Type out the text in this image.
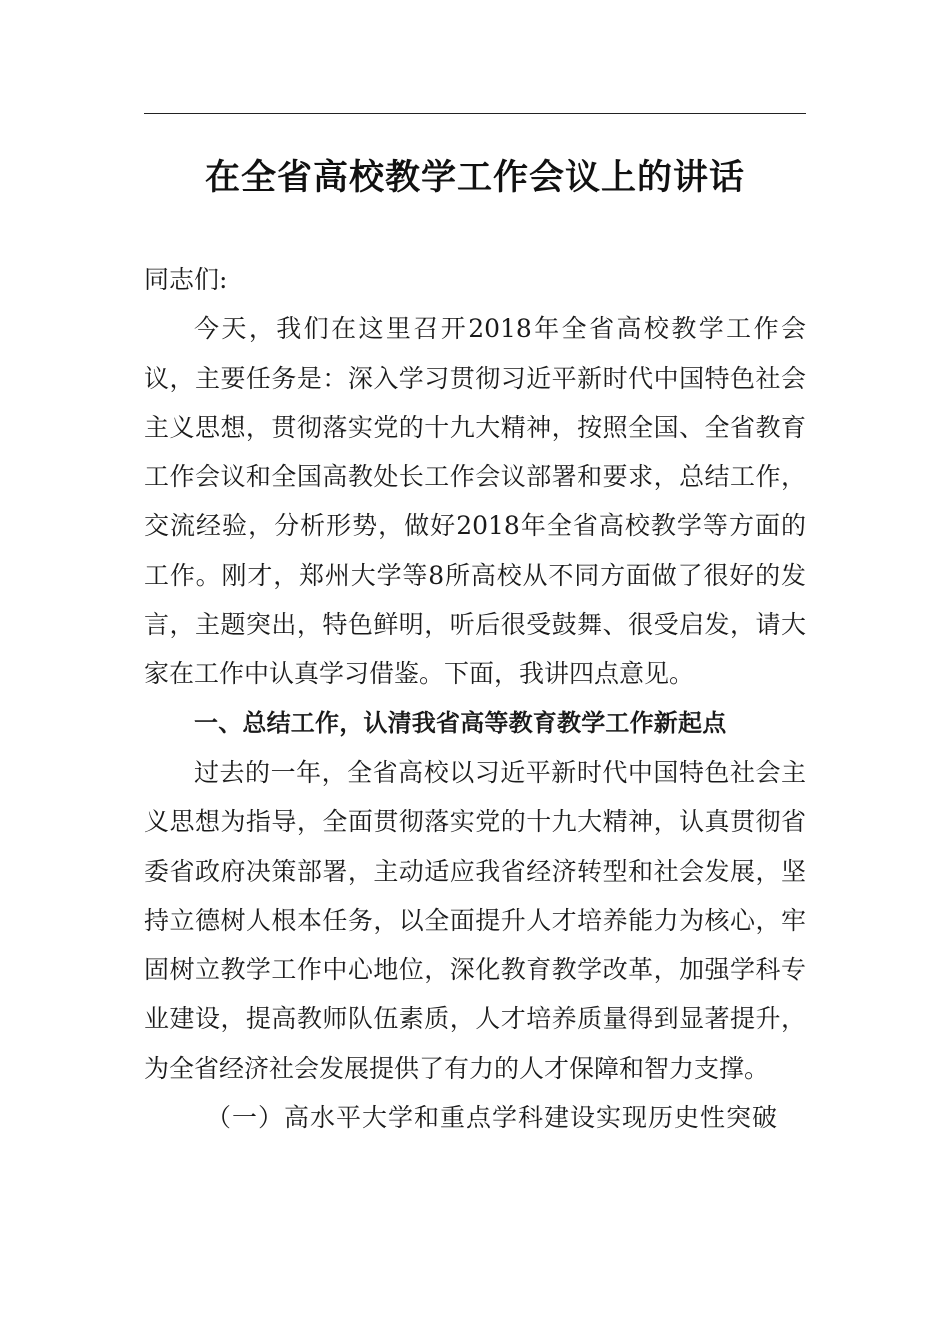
在全省高校教学工作会议上的讲话

同志们:

今天，我们在这里召开2018年全省高校教学工作会议，主要任务是：深入学习贯彻习近平新时代中国特色社会主义思想，贯彻落实党的十九大精神，按照全国、全省教育工作会议和全国高教处长工作会议部署和要求，总结工作，交流经验，分析形势，做好2018年全省高校教学等方面的工作。刚才，郑州大学等8所高校从不同方面做了很好的发言，主题突出，特色鲜明，听后很受鼓舞、很受启发，请大家在工作中认真学习借鉴。下面，我讲四点意见。

一、总结工作，认清我省高等教育教学工作新起点

过去的一年，全省高校以习近平新时代中国特色社会主义思想为指导，全面贯彻落实党的十九大精神，认真贯彻省委省政府决策部署，主动适应我省经济转型和社会发展，坚持立德树人根本任务，以全面提升人才培养能力为核心，牢固树立教学工作中心地位，深化教育教学改革，加强学科专业建设，提高教师队伍素质，人才培养质量得到显著提升，为全省经济社会发展提供了有力的人才保障和智力支撑。

（一）高水平大学和重点学科建设实现历史性突破
